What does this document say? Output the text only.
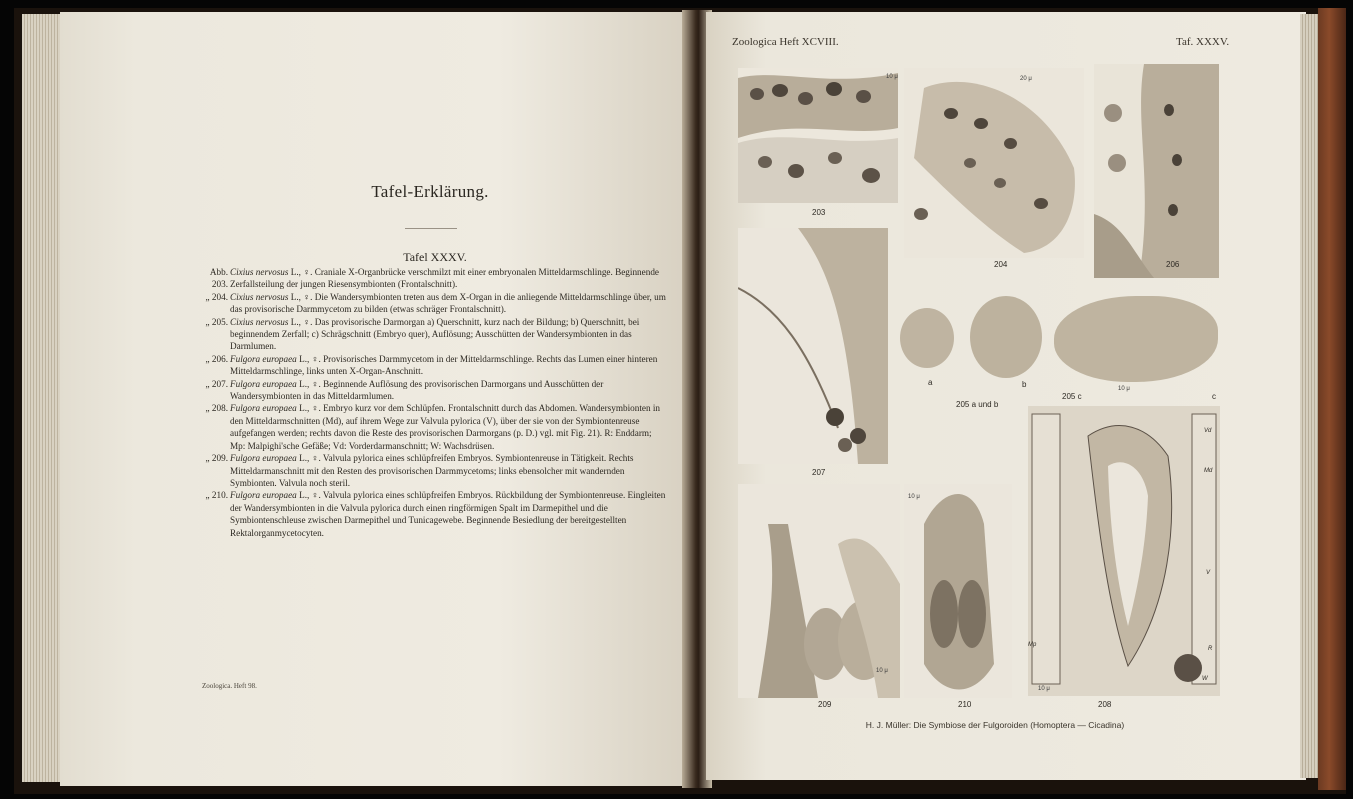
Tafel-Erklärung.
Tafel XXXV.

Abb. 203.
Cixius nervosus L., ♀. Craniale X-Organbrücke verschmilzt mit einer embryonalen Mitteldarmschlinge. Beginnende Zerfallsteilung der jungen Riesensymbionten (Frontalschnitt).

„ 204. Cixius nervosus L., ♀. Die Wandersymbionten treten aus dem X-Organ in die anliegende Mitteldarmschlinge über, um das provisorische Darmmycetom zu bilden (etwas schräger Frontalschnitt).

„ 205. Cixius nervosus L., ♀. Das provisorische Darmorgan a) Querschnitt, kurz nach der Bildung; b) Querschnitt, bei beginnendem Zerfall; c) Schrägschnitt (Embryo quer), Auflösung; Ausschütten der Wandersymbionten in das Darmlumen.

„ 206. Fulgora europaea L., ♀. Provisorisches Darmmycetom in der Mitteldarmschlinge. Rechts das Lumen einer hinteren Mitteldarmschlinge, links unten X-Organ-Anschnitt.

„ 207. Fulgora europaea L., ♀. Beginnende Auflösung des provisorischen Darmorgans und Ausschütten der Wandersymbionten in das Mitteldarmlumen.

„ 208. Fulgora europaea L., ♀. Embryo kurz vor dem Schlüpfen. Frontalschnitt durch das Abdomen. Wandersymbionten in den Mitteldarmschnitten (Md), auf ihrem Wege zur Valvula pylorica (V), über der sie von der Symbiontenreuse aufgefangen werden; rechts davon die Reste des provisorischen Darmorgans (p. D.) vgl. mit Fig. 21). R: Enddarm; Mp: Malpighi'sche Gefäße; Vd: Vorderdarmanschnitt; W: Wachsdrüsen.

„ 209. Fulgora europaea L., ♀. Valvula pylorica eines schlüpfreifen Embryos. Symbiontenreuse in Tätigkeit. Rechts Mitteldarmanschnitt mit den Resten des provisorischen Darmmycetoms; links ebensolcher mit wandernden Symbionten. Valvula noch steril.

„ 210. Fulgora europaea L., ♀. Valvula pylorica eines schlüpfreifen Embryos. Rückbildung der Symbiontenreuse. Eingleiten der Wandersymbionten in die Valvula pylorica durch einen ringförmigen Spalt im Darmepithel und die Symbiontenschleuse zwischen Darmepithel und Tunicagewebe. Beginnende Besiedlung der bereitgestellten Rektalorganmycetocyten.

Zoologica. Heft 98.
Zoologica Heft XCVIII.	Taf. XXXV.
10 μ
203
20 μ
204	206
207
a	b
205 a und b
205 c	c
10 μ
Vd
Md
Mp
R
W
V
10 μ
208
10 μ
209
10 μ
210
H. J. Müller: Die Symbiose der Fulgoroiden (Homoptera — Cicadina)
